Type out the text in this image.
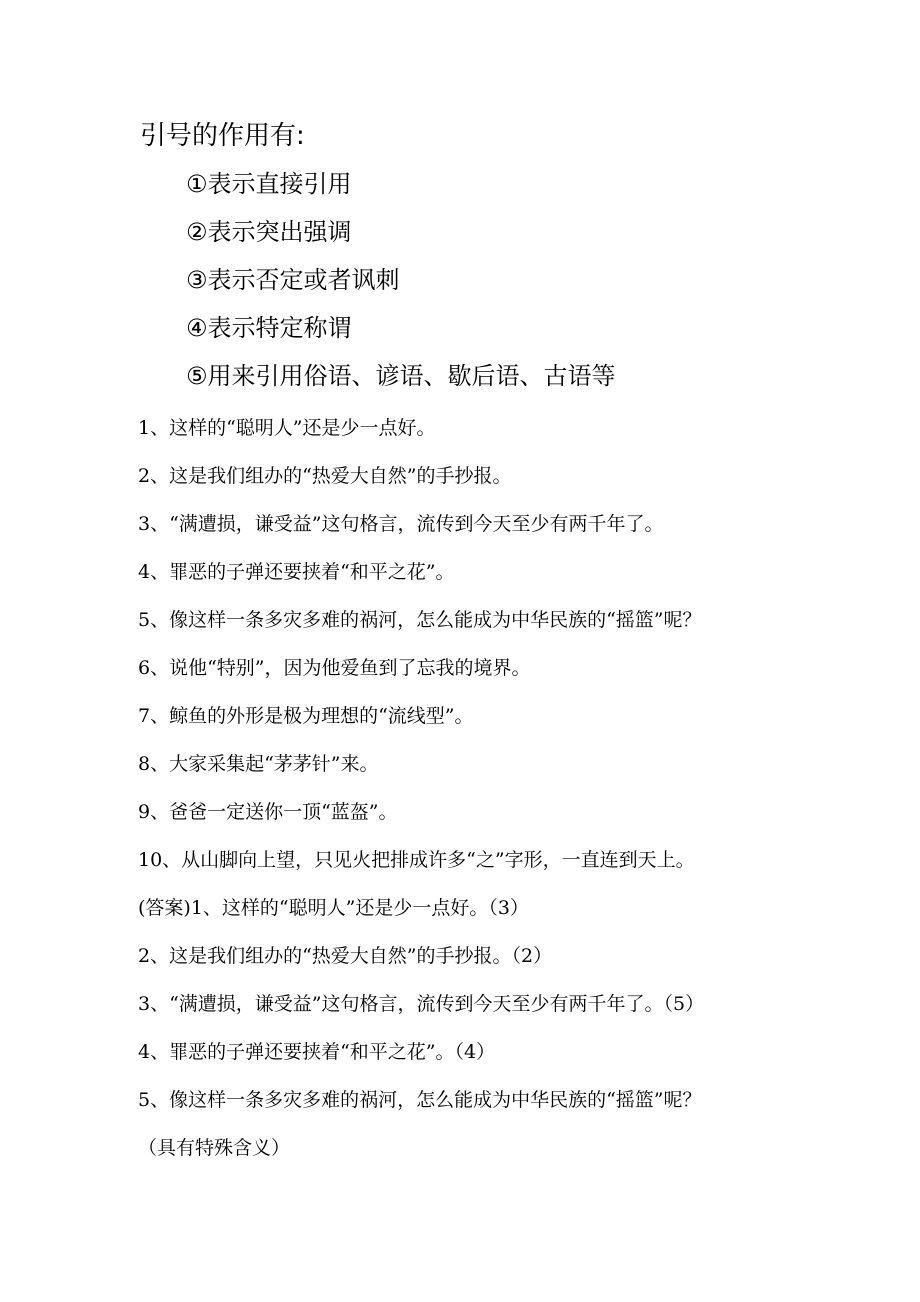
引号的作用有:
①表示直接引用
②表示突出强调
③表示否定或者讽刺
④表示特定称谓
⑤用来引用俗语、谚语、歇后语、古语等
1、这样的“聪明人”还是少一点好。
2、这是我们组办的“热爱大自然”的手抄报。
3、“满遭损，谦受益”这句格言，流传到今天至少有两千年了。
4、罪恶的子弹还要挟着“和平之花”。
5、像这样一条多灾多难的祸河，怎么能成为中华民族的“摇篮”呢？
6、说他“特别”，因为他爱鱼到了忘我的境界。
7、鲸鱼的外形是极为理想的“流线型”。
8、大家采集起“茅茅针”来。
9、爸爸一定送你一顶“蓝盔”。
10、从山脚向上望，只见火把排成许多“之”字形，一直连到天上。
(答案)1、这样的“聪明人”还是少一点好。（3）
2、这是我们组办的“热爱大自然”的手抄报。（2）
3、“满遭损，谦受益”这句格言，流传到今天至少有两千年了。（5）
4、罪恶的子弹还要挟着“和平之花”。（4）
5、像这样一条多灾多难的祸河，怎么能成为中华民族的“摇篮”呢？
（具有特殊含义）
